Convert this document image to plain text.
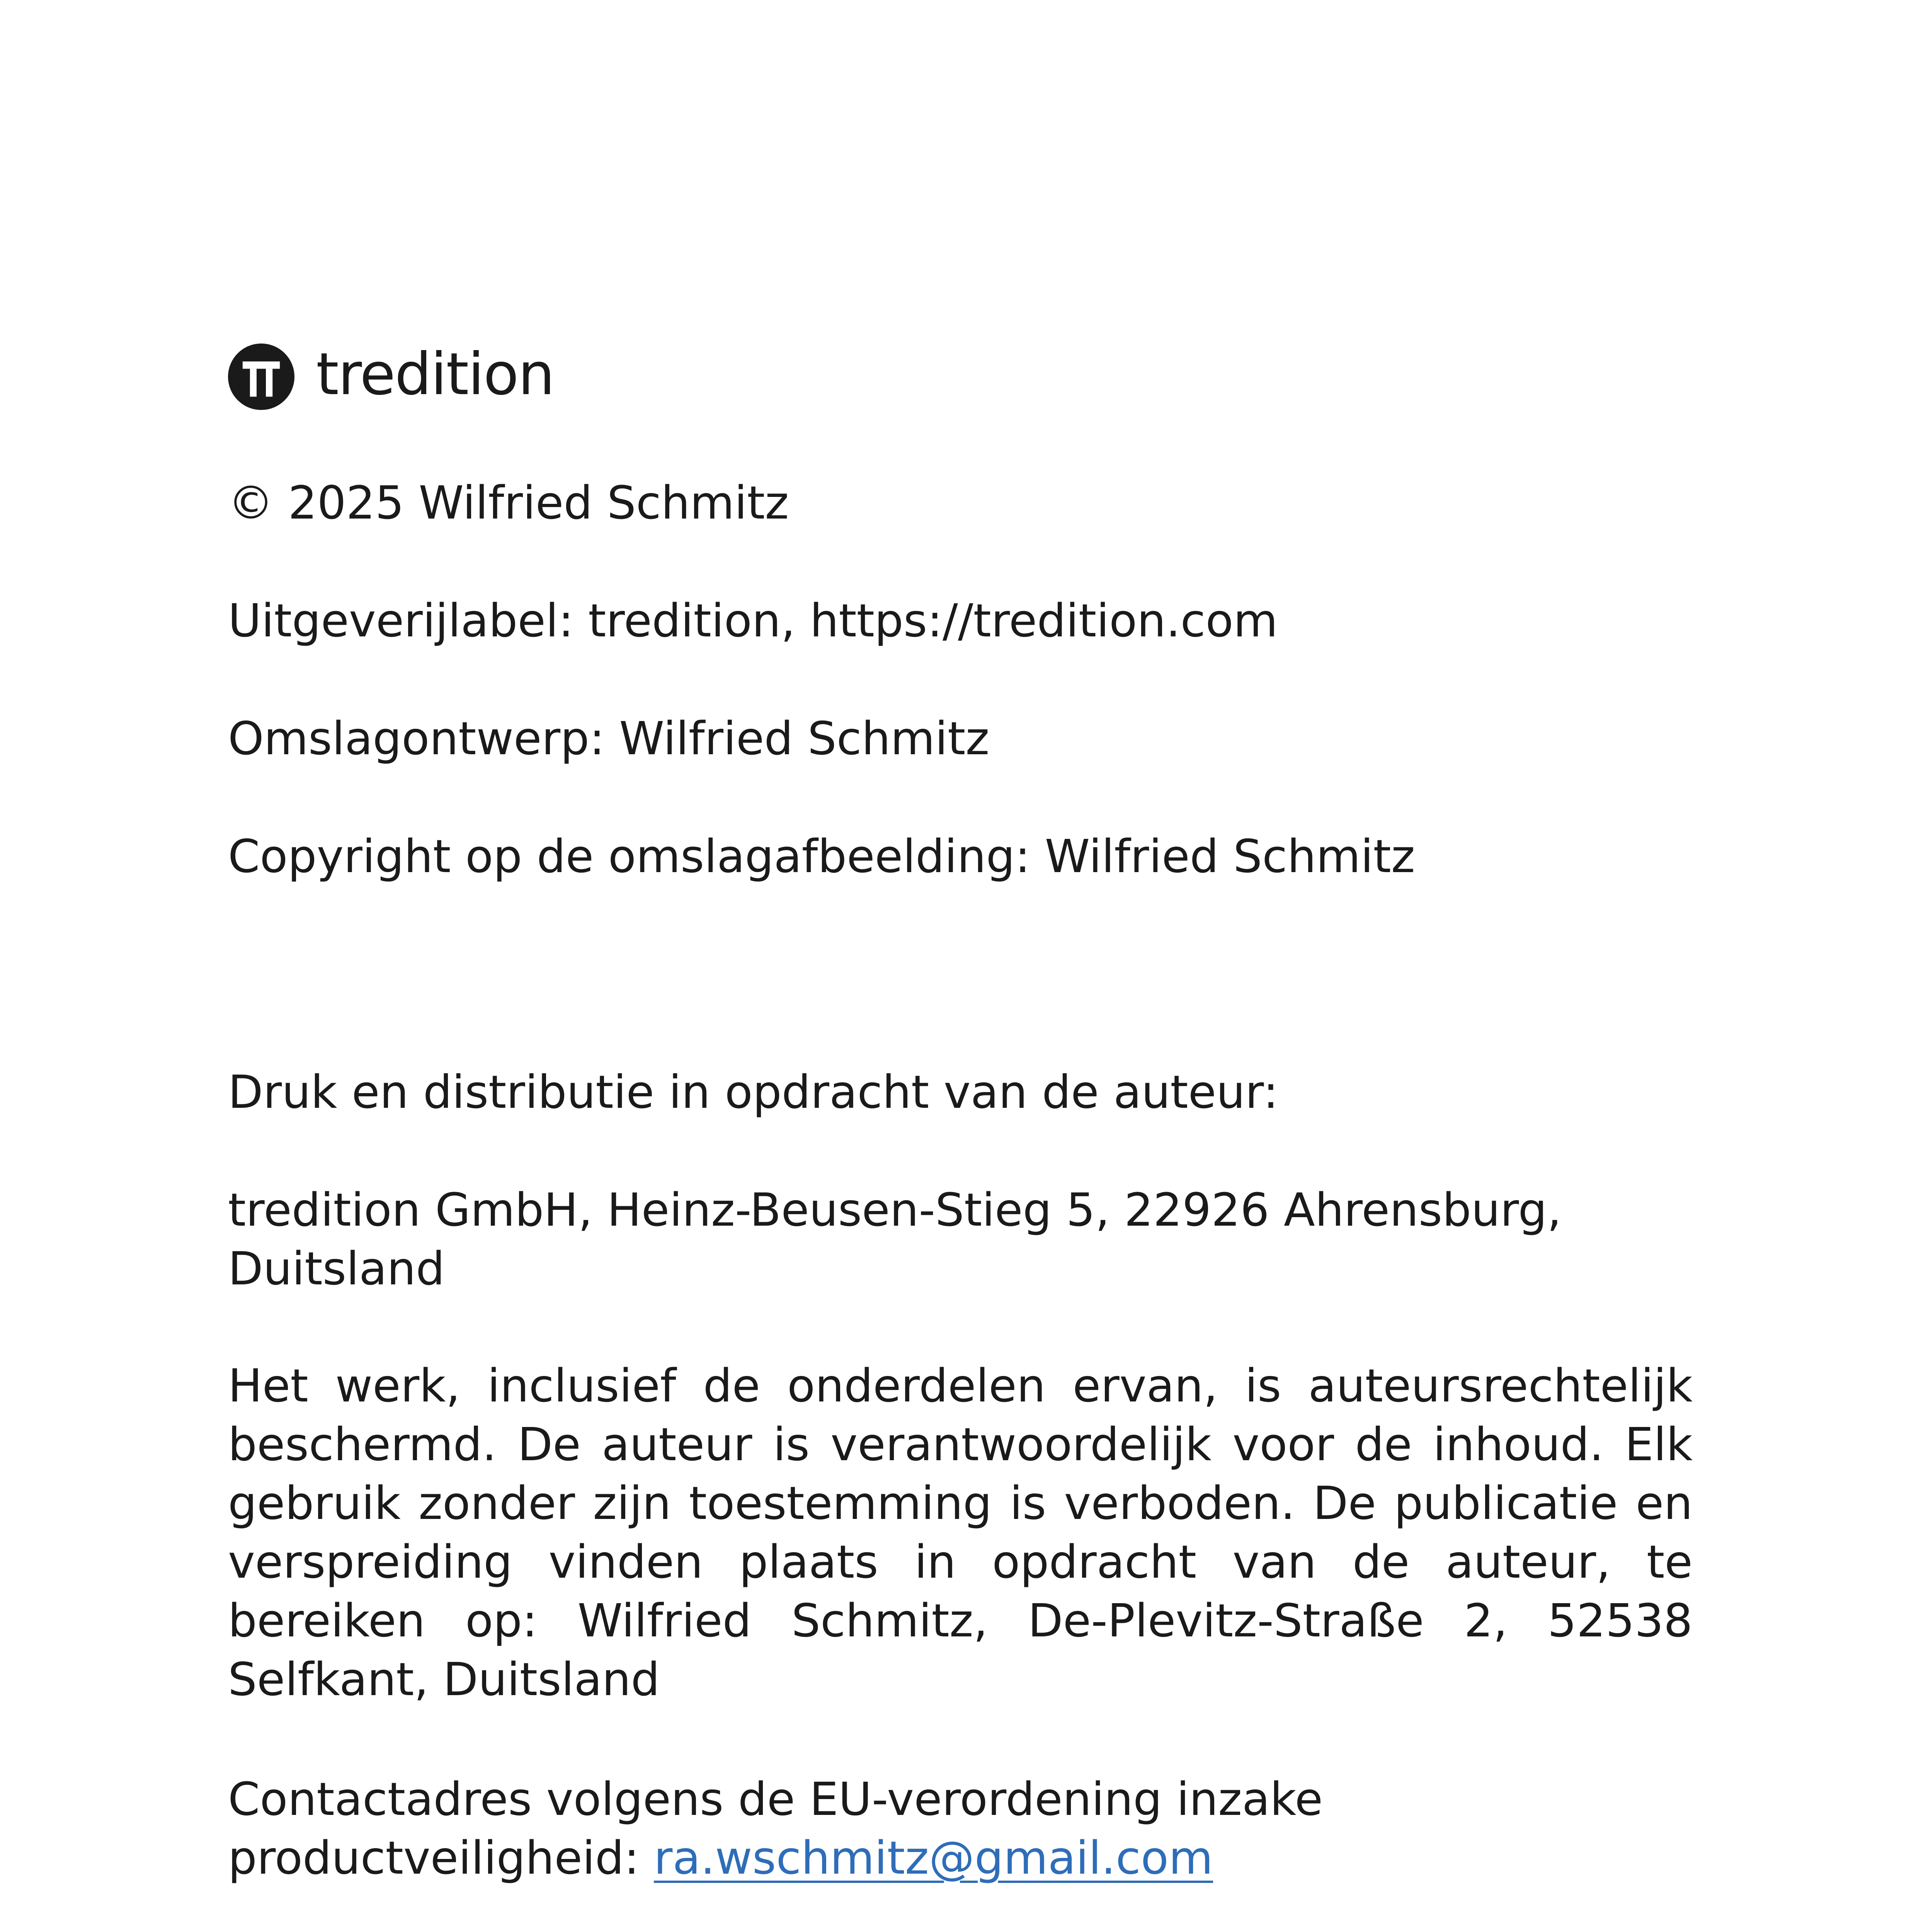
tredition

© 2025 Wilfried Schmitz

Uitgeverijlabel: tredition, https://tredition.com

Omslagontwerp: Wilfried Schmitz

Copyright op de omslagafbeelding: Wilfried Schmitz

Druk en distributie in opdracht van de auteur:

tredition GmbH, Heinz-Beusen-Stieg 5, 22926 Ahrensburg,
Duitsland

Het werk, inclusief de onderdelen ervan, is auteursrechtelijk beschermd. De auteur is verantwoordelijk voor de inhoud. Elk gebruik zonder zijn toestemming is verboden. De publicatie en verspreiding vinden plaats in opdracht van de auteur, te bereiken op: Wilfried Schmitz, De-Plevitz-Straße 2, 52538 Selfkant, Duitsland

Contactadres volgens de EU-verordening inzake
productveiligheid: ra.wschmitz@gmail.com
